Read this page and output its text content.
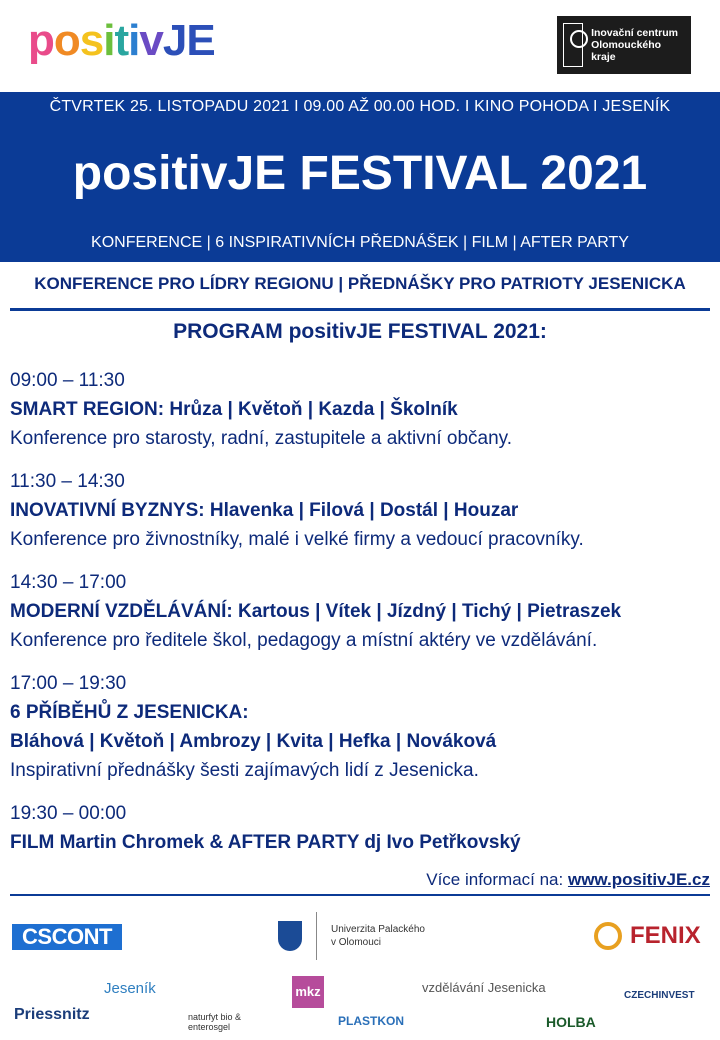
positivJE	Inovační centrum Olomouckého kraje
ČTVRTEK 25. LISTOPADU 2021 I 09.00 AŽ 00.00 HOD. I KINO POHODA I JESENÍK
positivJE FESTIVAL 2021
KONFERENCE | 6 INSPIRATIVNÍCH PŘEDNÁŠEK | FILM | AFTER PARTY
KONFERENCE PRO LÍDRY REGIONU | PŘEDNÁŠKY PRO PATRIOTY JESENICKA
PROGRAM positivJE FESTIVAL 2021:
09:00 – 11:30
SMART REGION: Hrůza | Květoň | Kazda | Školník
Konference pro starosty, radní, zastupitele a aktivní občany.
11:30 – 14:30
INOVATIVNÍ BYZNYS: Hlavenka | Filová | Dostál | Houzar
Konference pro živnostníky, malé i velké firmy a vedoucí pracovníky.
14:30 – 17:00
MODERNÍ VZDĚLÁVÁNÍ: Kartous | Vítek | Jízdný | Tichý | Pietraszek
Konference pro ředitele škol, pedagogy a místní aktéry ve vzdělávání.
17:00 – 19:30
6 PŘÍBĚHŮ Z JESENICKA:
Bláhová | Květoň | Ambrozy | Kvita | Hefka | Nováková
Inspirativní přednášky šesti zajímavých lidí z Jesenicka.
19:30 – 00:00
FILM Martin Chromek & AFTER PARTY dj Ivo Petřkovský
Více informací na: www.positivJE.cz
CSCONT	Univerzita Palackého v Olomouci	FENIX
Priessnitz
Jeseník
naturfyt bio & enterosgel
mkz
PLASTKON
vzdělávání Jesenicka
HOLBA
CZECHINVEST
